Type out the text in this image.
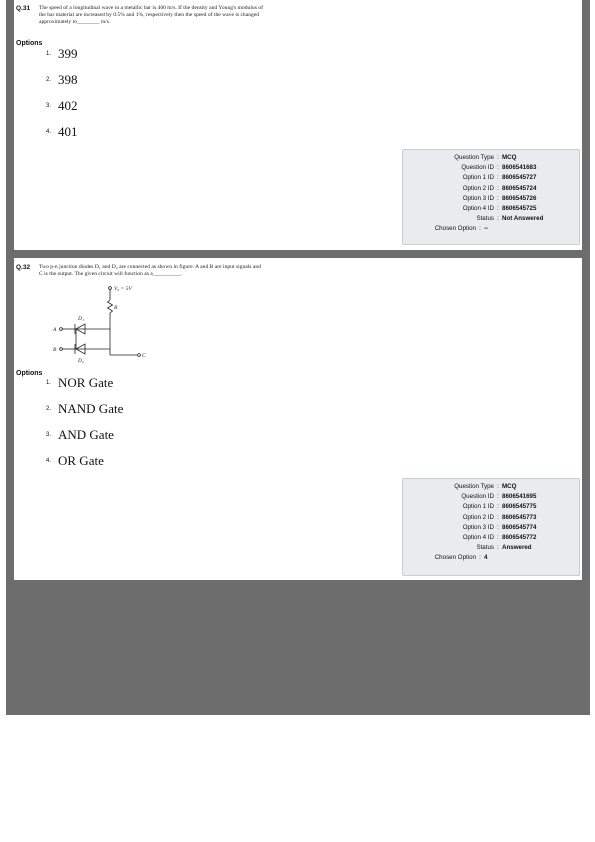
Q.31 The speed of a longitudinal wave in a metallic bar is 400 m/s. If the density and Young's modulus of
the bar material are increased by 0.5% and 1%, respectively then the speed of the wave is changed
approximately to________ m/s.
Options
1. 399
2. 398
3. 402
4. 401
Question Type : MCQ
Question ID : 8606541683
Option 1 ID : 8606545727
Option 2 ID : 8606545724
Option 3 ID : 8606545726
Option 4 ID : 8606545725
Status : Not Answered
Chosen Option : --
Q.32 Two p-n junction diodes D₁ and D₂ are connected as shown in figure. A and B are input signals and
C is the output. The given circuit will function as a__________.
V₀ = 5V
R
D₁
D₂
A
B
C
Options
1. NOR Gate
2. NAND Gate
3. AND Gate
4. OR Gate
Question Type : MCQ
Question ID : 8606541695
Option 1 ID : 8606545775
Option 2 ID : 8606545773
Option 3 ID : 8606545774
Option 4 ID : 8606545772
Status : Answered
Chosen Option : 4
